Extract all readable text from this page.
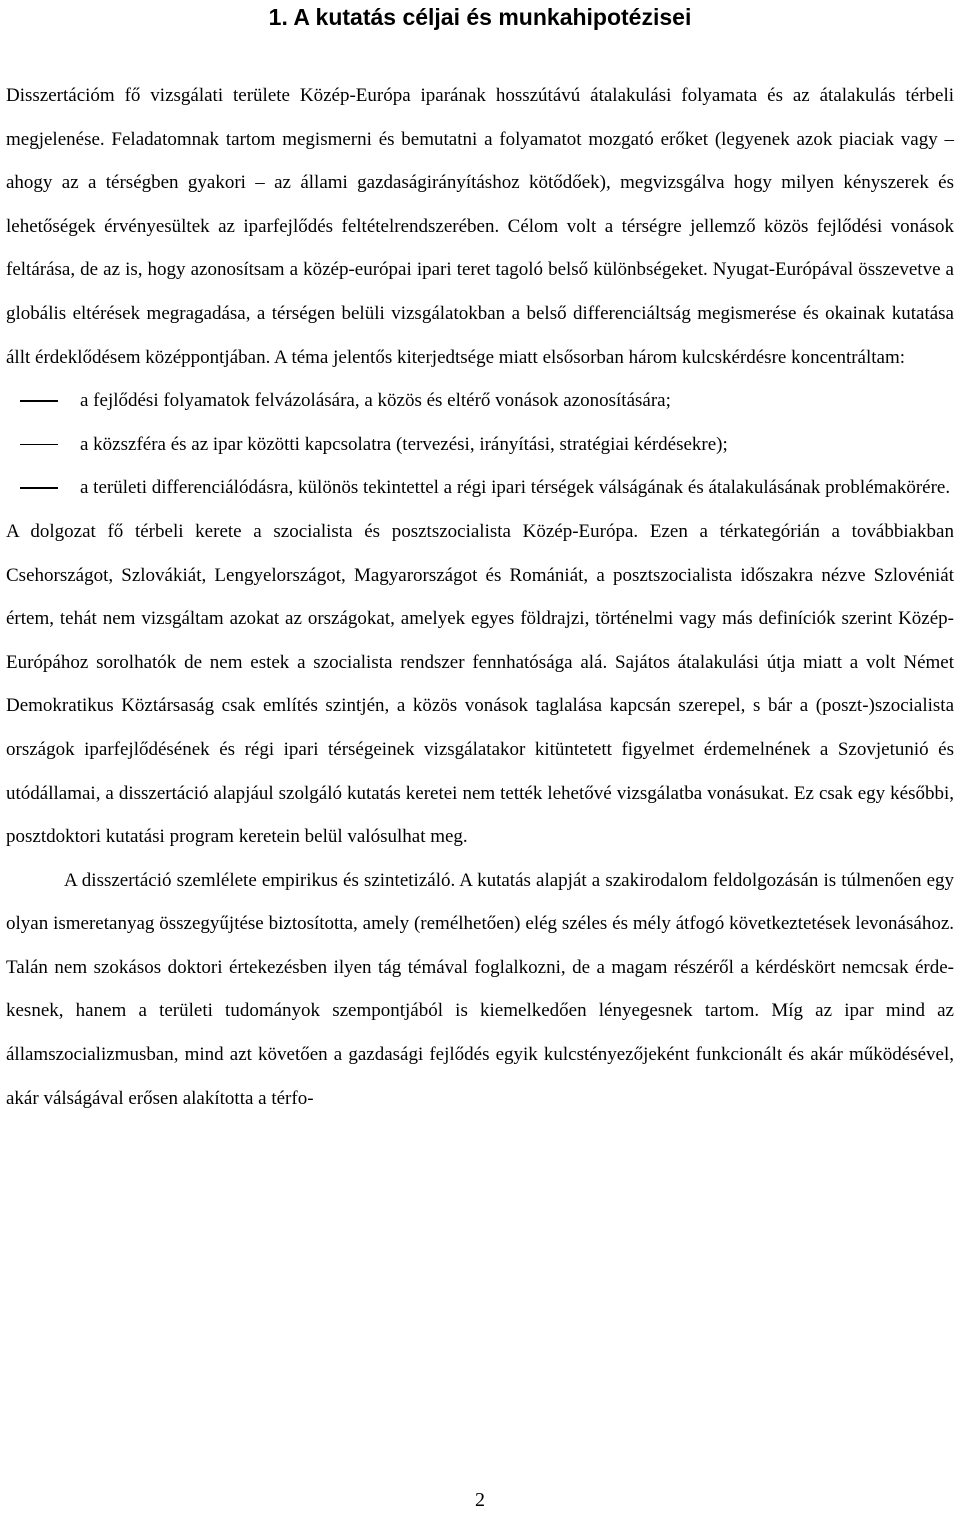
1. A kutatás céljai és munkahipotézisei

Disszertációm fő vizsgálati területe Közép-Európa iparának hosszútávú átalakulási folyamata és az átalakulás térbeli megjelenése. Feladatomnak tartom megismerni és bemutatni a folyamatot mozgató erőket (legyenek azok piaciak vagy – ahogy az a térségben gyakori – az állami gazdaságirányításhoz kötődőek), megvizsgálva hogy milyen kényszerek és lehetőségek érvényesültek az iparfejlődés feltételrendszerében. Célom volt a térségre jellemző közös fejlődési vonások feltárása, de az is, hogy azonosítsam a közép-európai ipari teret tagoló belső különbségeket. Nyugat-Európával összevetve a globális eltérések megragadása, a térségen belüli vizsgálatokban a belső differenciáltság megismerése és okainak kutatása állt érdeklődésem középpontjában. A téma jelentős kiterjedtsége miatt elsősorban három kulcskérdésre koncentráltam:

a fejlődési folyamatok felvázolására, a közös és eltérő vonások azonosítására;
a közszféra és az ipar közötti kapcsolatra (tervezési, irányítási, stratégiai kérdésekre);
a területi differenciálódásra, különös tekintettel a régi ipari térségek válságának és átalakulásának problémakörére.

A dolgozat fő térbeli kerete a szocialista és posztszocialista Közép-Európa. Ezen a térkategórián a továbbiakban Csehországot, Szlovákiát, Lengyelországot, Magyarországot és Romániát, a posztszocialista időszakra nézve Szlovéniát értem, tehát nem vizsgáltam azokat az országokat, amelyek egyes földrajzi, történelmi vagy más definíciók szerint Közép-Európához sorolhatók de nem estek a szocialista rendszer fennhatósága alá. Sajátos átalakulási útja miatt a volt Német Demokratikus Köztársaság csak említés szintjén, a közös vonások taglalása kapcsán szerepel, s bár a (poszt-)szocialista országok iparfejlődésének és régi ipari térségeinek vizsgálatakor kitüntetett figyelmet érdemelnének a Szovjetunió és utódállamai, a disszertáció alapjául szolgáló kutatás keretei nem tették lehetővé vizsgálatba vonásukat. Ez csak egy későbbi, posztdoktori kutatási program keretein belül valósulhat meg.

A disszertáció szemlélete empirikus és szintetizáló. A kutatás alapját a szakirodalom feldolgozásán is túlmenően egy olyan ismeretanyag összegyűjtése biztosította, amely (remélhetően) elég széles és mély átfogó következtetések levonásához. Talán nem szokásos doktori értekezésben ilyen tág témával foglalkozni, de a magam részéről a kérdéskört nemcsak érdekesnek, hanem a területi tudományok szempontjából is kiemelkedően lényegesnek tartom. Míg az ipar mind az államszocializmusban, mind azt követően a gazdasági fejlődés egyik kulcstényezőjeként funkcionált és akár működésével, akár válságával erősen alakította a térfo-

2
